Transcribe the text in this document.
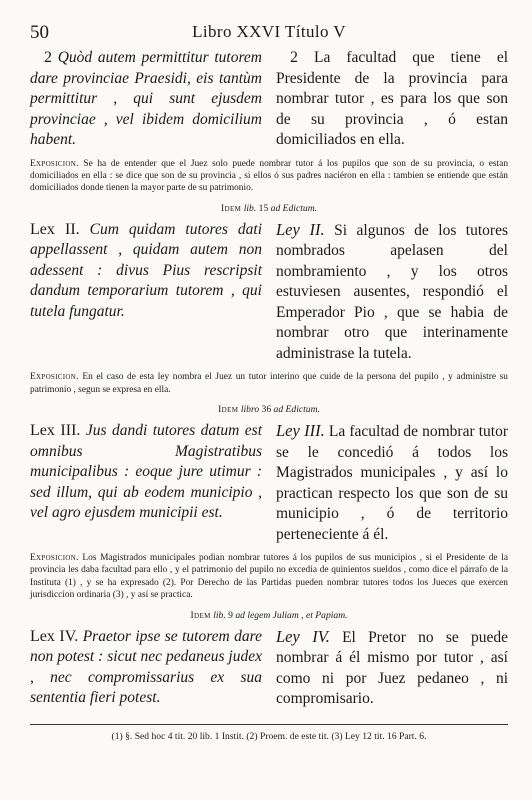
50	Libro XXVI Título V
2 Quòd autem permittitur tutorem dare provinciae Praesidi, eis tantùm permittitur , qui sunt ejusdem provinciae , vel ibidem domicilium habent.
2 La facultad que tiene el Presidente de la provincia para nombrar tutor , es para los que son de su provincia , ó estan domiciliados en ella.
Exposicion. Se ha de entender que el Juez solo puede nombrar tutor á los pupilos que son de su provincia, o estan domiciliados en ella : se dice que son de su provincia , si ellos ó sus padres naciéron en ella : tambien se entiende que están domiciliados donde tienen la mayor parte de su patrimonio.
Idem lib. 15 ad Edictum.
Lex II. Cum quidam tutores dati appellassent , quidam autem non adessent : divus Pius rescripsit dandum temporarium tutorem , qui tutela fungatur.
Ley II. Si algunos de los tutores nombrados apelasen del nombramiento , y los otros estuviesen ausentes, respondió el Emperador Pio , que se habia de nombrar otro que interinamente administrase la tutela.
Exposicion. En el caso de esta ley nombra el Juez un tutor interino que cuide de la persona del pupilo , y administre su patrimonio , segun se expresa en ella.
Idem libro 36 ad Edictum.
Lex III. Jus dandi tutores datum est omnibus Magistratibus municipalibus : eoque jure utimur : sed illum, qui ab eodem municipio , vel agro ejusdem municipii est.
Ley III. La facultad de nombrar tutor se le concedió á todos los Magistrados municipales , y así lo practican respecto los que son de su municipio , ó de territorio perteneciente á él.
Exposicion. Los Magistrados municipales podian nombrar tutores á los pupilos de sus municipios , si el Presidente de la provincia les daba facultad para ello , y el patrimonio del pupilo no excedia de quinientos sueldos , como dice el párrafo de la Instituta (1) , y se ha expresado (2). Por Derecho de las Partidas pueden nombrar tutores todos los Jueces que exercen jurisdiccion ordinaria (3) , y así se practica.
Idem lib. 9 ad legem Juliam , et Papiam.
Lex IV. Praetor ipse se tutorem dare non potest : sicut nec pedaneus judex , nec compromissarius ex sua sententia fieri potest.
Ley IV. El Pretor no se puede nombrar á él mismo por tutor , así como ni por Juez pedaneo , ni compromisario.
(1) §. Sed hoc 4 tit. 20 lib. 1 Instit. (2) Proem. de este tit. (3) Ley 12 tit. 16 Part. 6.
